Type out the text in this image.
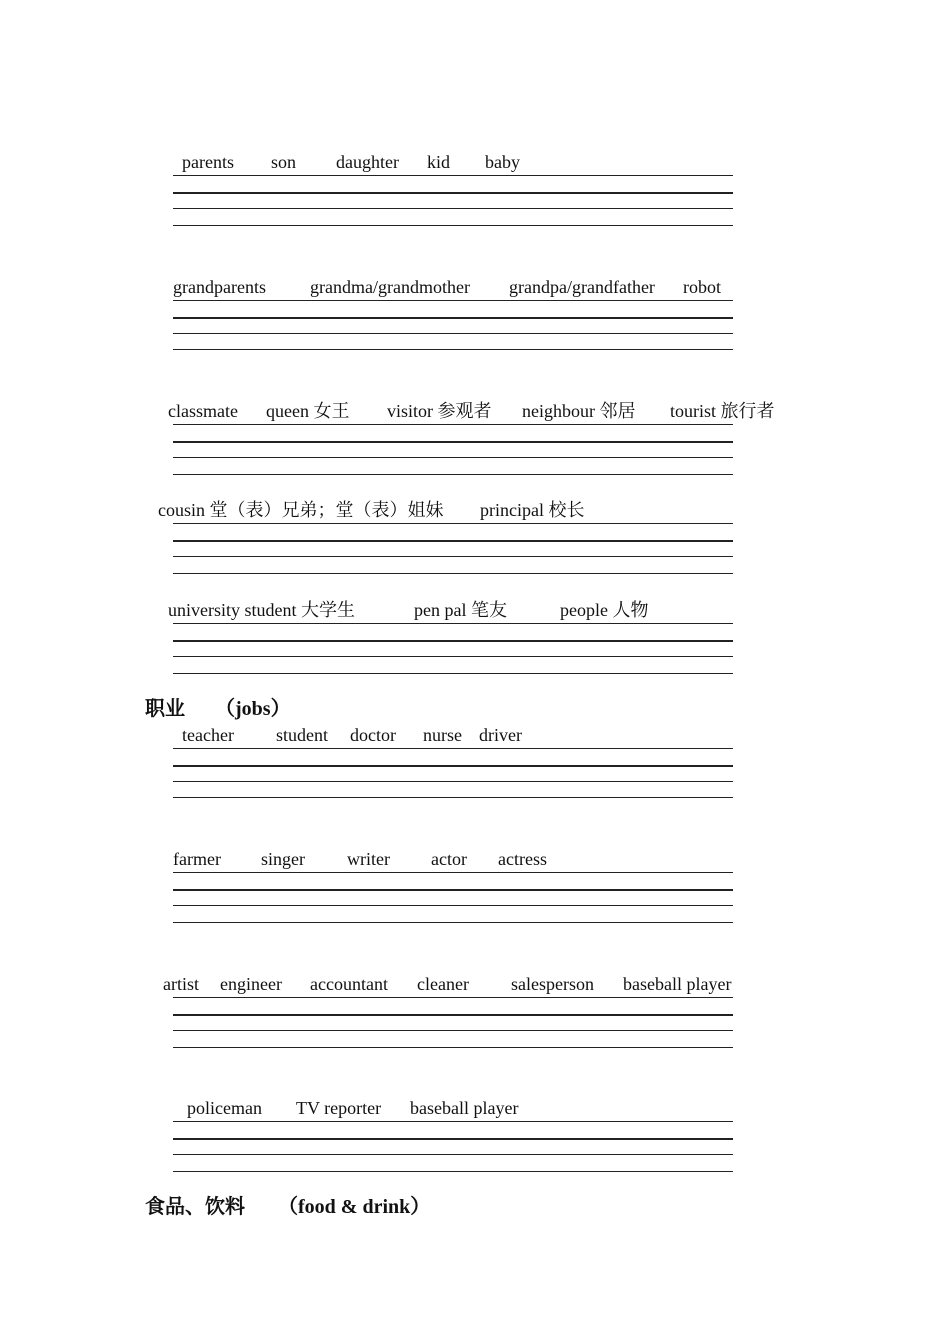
parents son daughter kid baby
grandparents grandma/grandmother grandpa/grandfather robot
classmate queen 女王 visitor 参观者 neighbour 邻居 tourist 旅行者
cousin 堂（表）兄弟；堂（表）姐妹 principal 校长
university student 大学生	pen pal 笔友	people 人物
职业 （jobs）
teacher student doctor nurse driver
farmer singer writer actor actress
artist engineer accountant cleaner salesperson baseball player
policeman TV reporter baseball player
食品、饮料 （food & drink）
